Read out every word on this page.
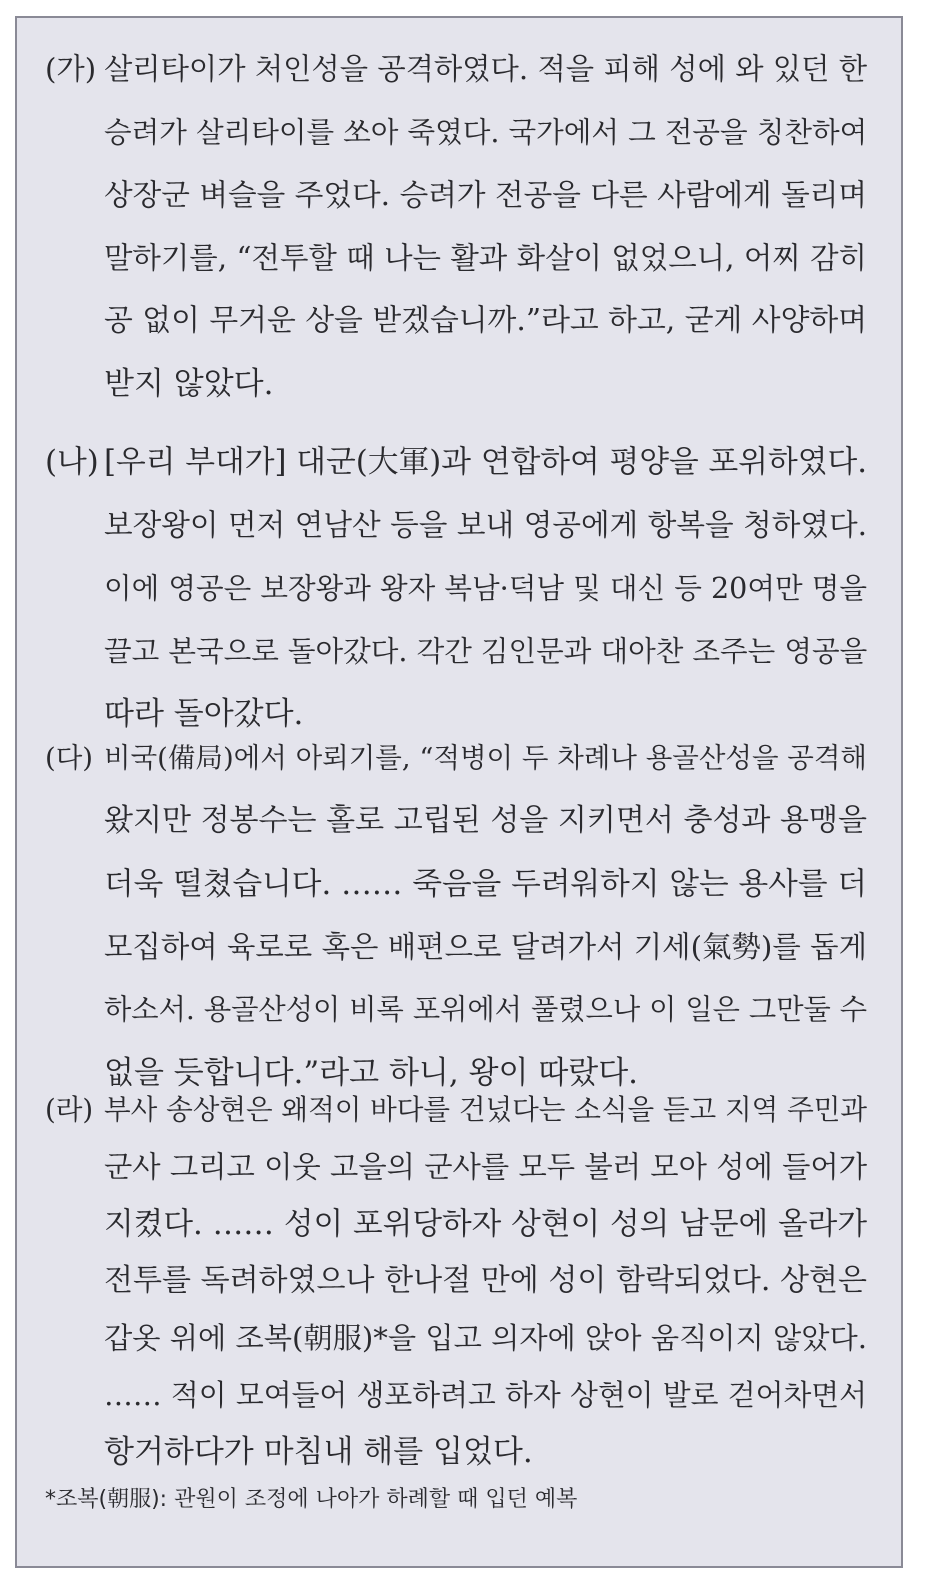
(가) 살리타이가 처인성을 공격하였다. 적을 피해 성에 와 있던 한
승려가 살리타이를 쏘아 죽였다. 국가에서 그 전공을 칭찬하여
상장군 벼슬을 주었다. 승려가 전공을 다른 사람에게 돌리며
말하기를, “전투할 때 나는 활과 화살이 없었으니, 어찌 감히
공 없이 무거운 상을 받겠습니까.”라고 하고, 굳게 사양하며
받지 않았다.
(나) [우리 부대가] 대군(大軍)과 연합하여 평양을 포위하였다.
보장왕이 먼저 연남산 등을 보내 영공에게 항복을 청하였다.
이에 영공은 보장왕과 왕자 복남·덕남 및 대신 등 20여만 명을
끌고 본국으로 돌아갔다. 각간 김인문과 대아찬 조주는 영공을
따라 돌아갔다.
(다) 비국(備局)에서 아뢰기를, “적병이 두 차례나 용골산성을 공격해
왔지만 정봉수는 홀로 고립된 성을 지키면서 충성과 용맹을
더욱 떨쳤습니다. …… 죽음을 두려워하지 않는 용사를 더
모집하여 육로로 혹은 배편으로 달려가서 기세(氣勢)를 돕게
하소서. 용골산성이 비록 포위에서 풀렸으나 이 일은 그만둘 수
없을 듯합니다.”라고 하니, 왕이 따랐다.
(라) 부사 송상현은 왜적이 바다를 건넜다는 소식을 듣고 지역 주민과
군사 그리고 이웃 고을의 군사를 모두 불러 모아 성에 들어가
지켰다. …… 성이 포위당하자 상현이 성의 남문에 올라가
전투를 독려하였으나 한나절 만에 성이 함락되었다. 상현은
갑옷 위에 조복(朝服)*을 입고 의자에 앉아 움직이지 않았다.
…… 적이 모여들어 생포하려고 하자 상현이 발로 걷어차면서
항거하다가 마침내 해를 입었다.
*조복(朝服): 관원이 조정에 나아가 하례할 때 입던 예복
